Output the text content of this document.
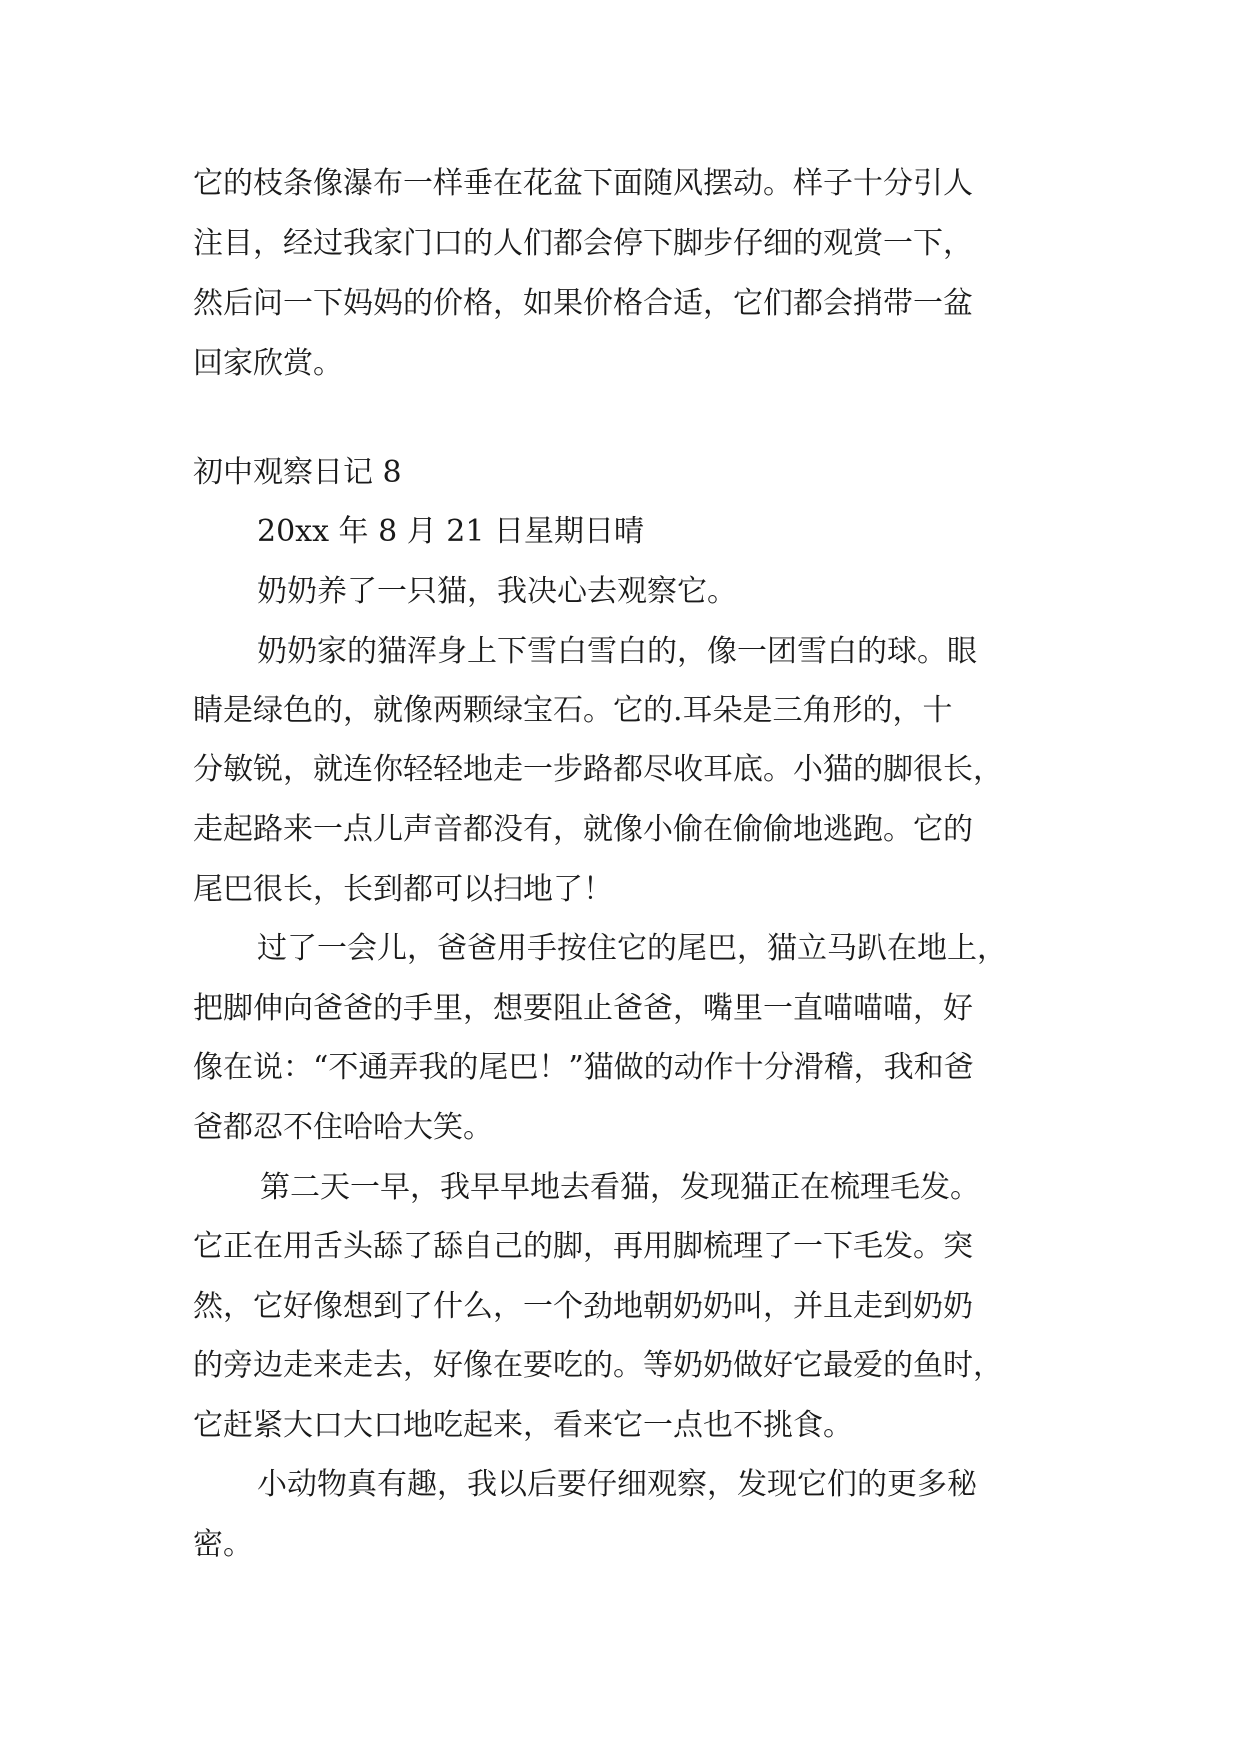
它的枝条像瀑布一样垂在花盆下面随风摆动。样子十分引人

注目，经过我家门口的人们都会停下脚步仔细的观赏一下，

然后问一下妈妈的价格，如果价格合适，它们都会捎带一盆

回家欣赏。

初中观察日记 8

20xx 年 8 月 21 日星期日晴

奶奶养了一只猫，我决心去观察它。

奶奶家的猫浑身上下雪白雪白的，像一团雪白的球。眼

睛是绿色的，就像两颗绿宝石。它的.耳朵是三角形的，十

分敏锐，就连你轻轻地走一步路都尽收耳底。小猫的脚很长，

走起路来一点儿声音都没有，就像小偷在偷偷地逃跑。它的

尾巴很长，长到都可以扫地了！

过了一会儿，爸爸用手按住它的尾巴，猫立马趴在地上，

把脚伸向爸爸的手里，想要阻止爸爸，嘴里一直喵喵喵，好

像在说：“不通弄我的尾巴！”猫做的动作十分滑稽，我和爸

爸都忍不住哈哈大笑。

第二天一早，我早早地去看猫，发现猫正在梳理毛发。

它正在用舌头舔了舔自己的脚，再用脚梳理了一下毛发。突

然，它好像想到了什么，一个劲地朝奶奶叫，并且走到奶奶

的旁边走来走去，好像在要吃的。等奶奶做好它最爱的鱼时，

它赶紧大口大口地吃起来，看来它一点也不挑食。

小动物真有趣，我以后要仔细观察，发现它们的更多秘

密。
